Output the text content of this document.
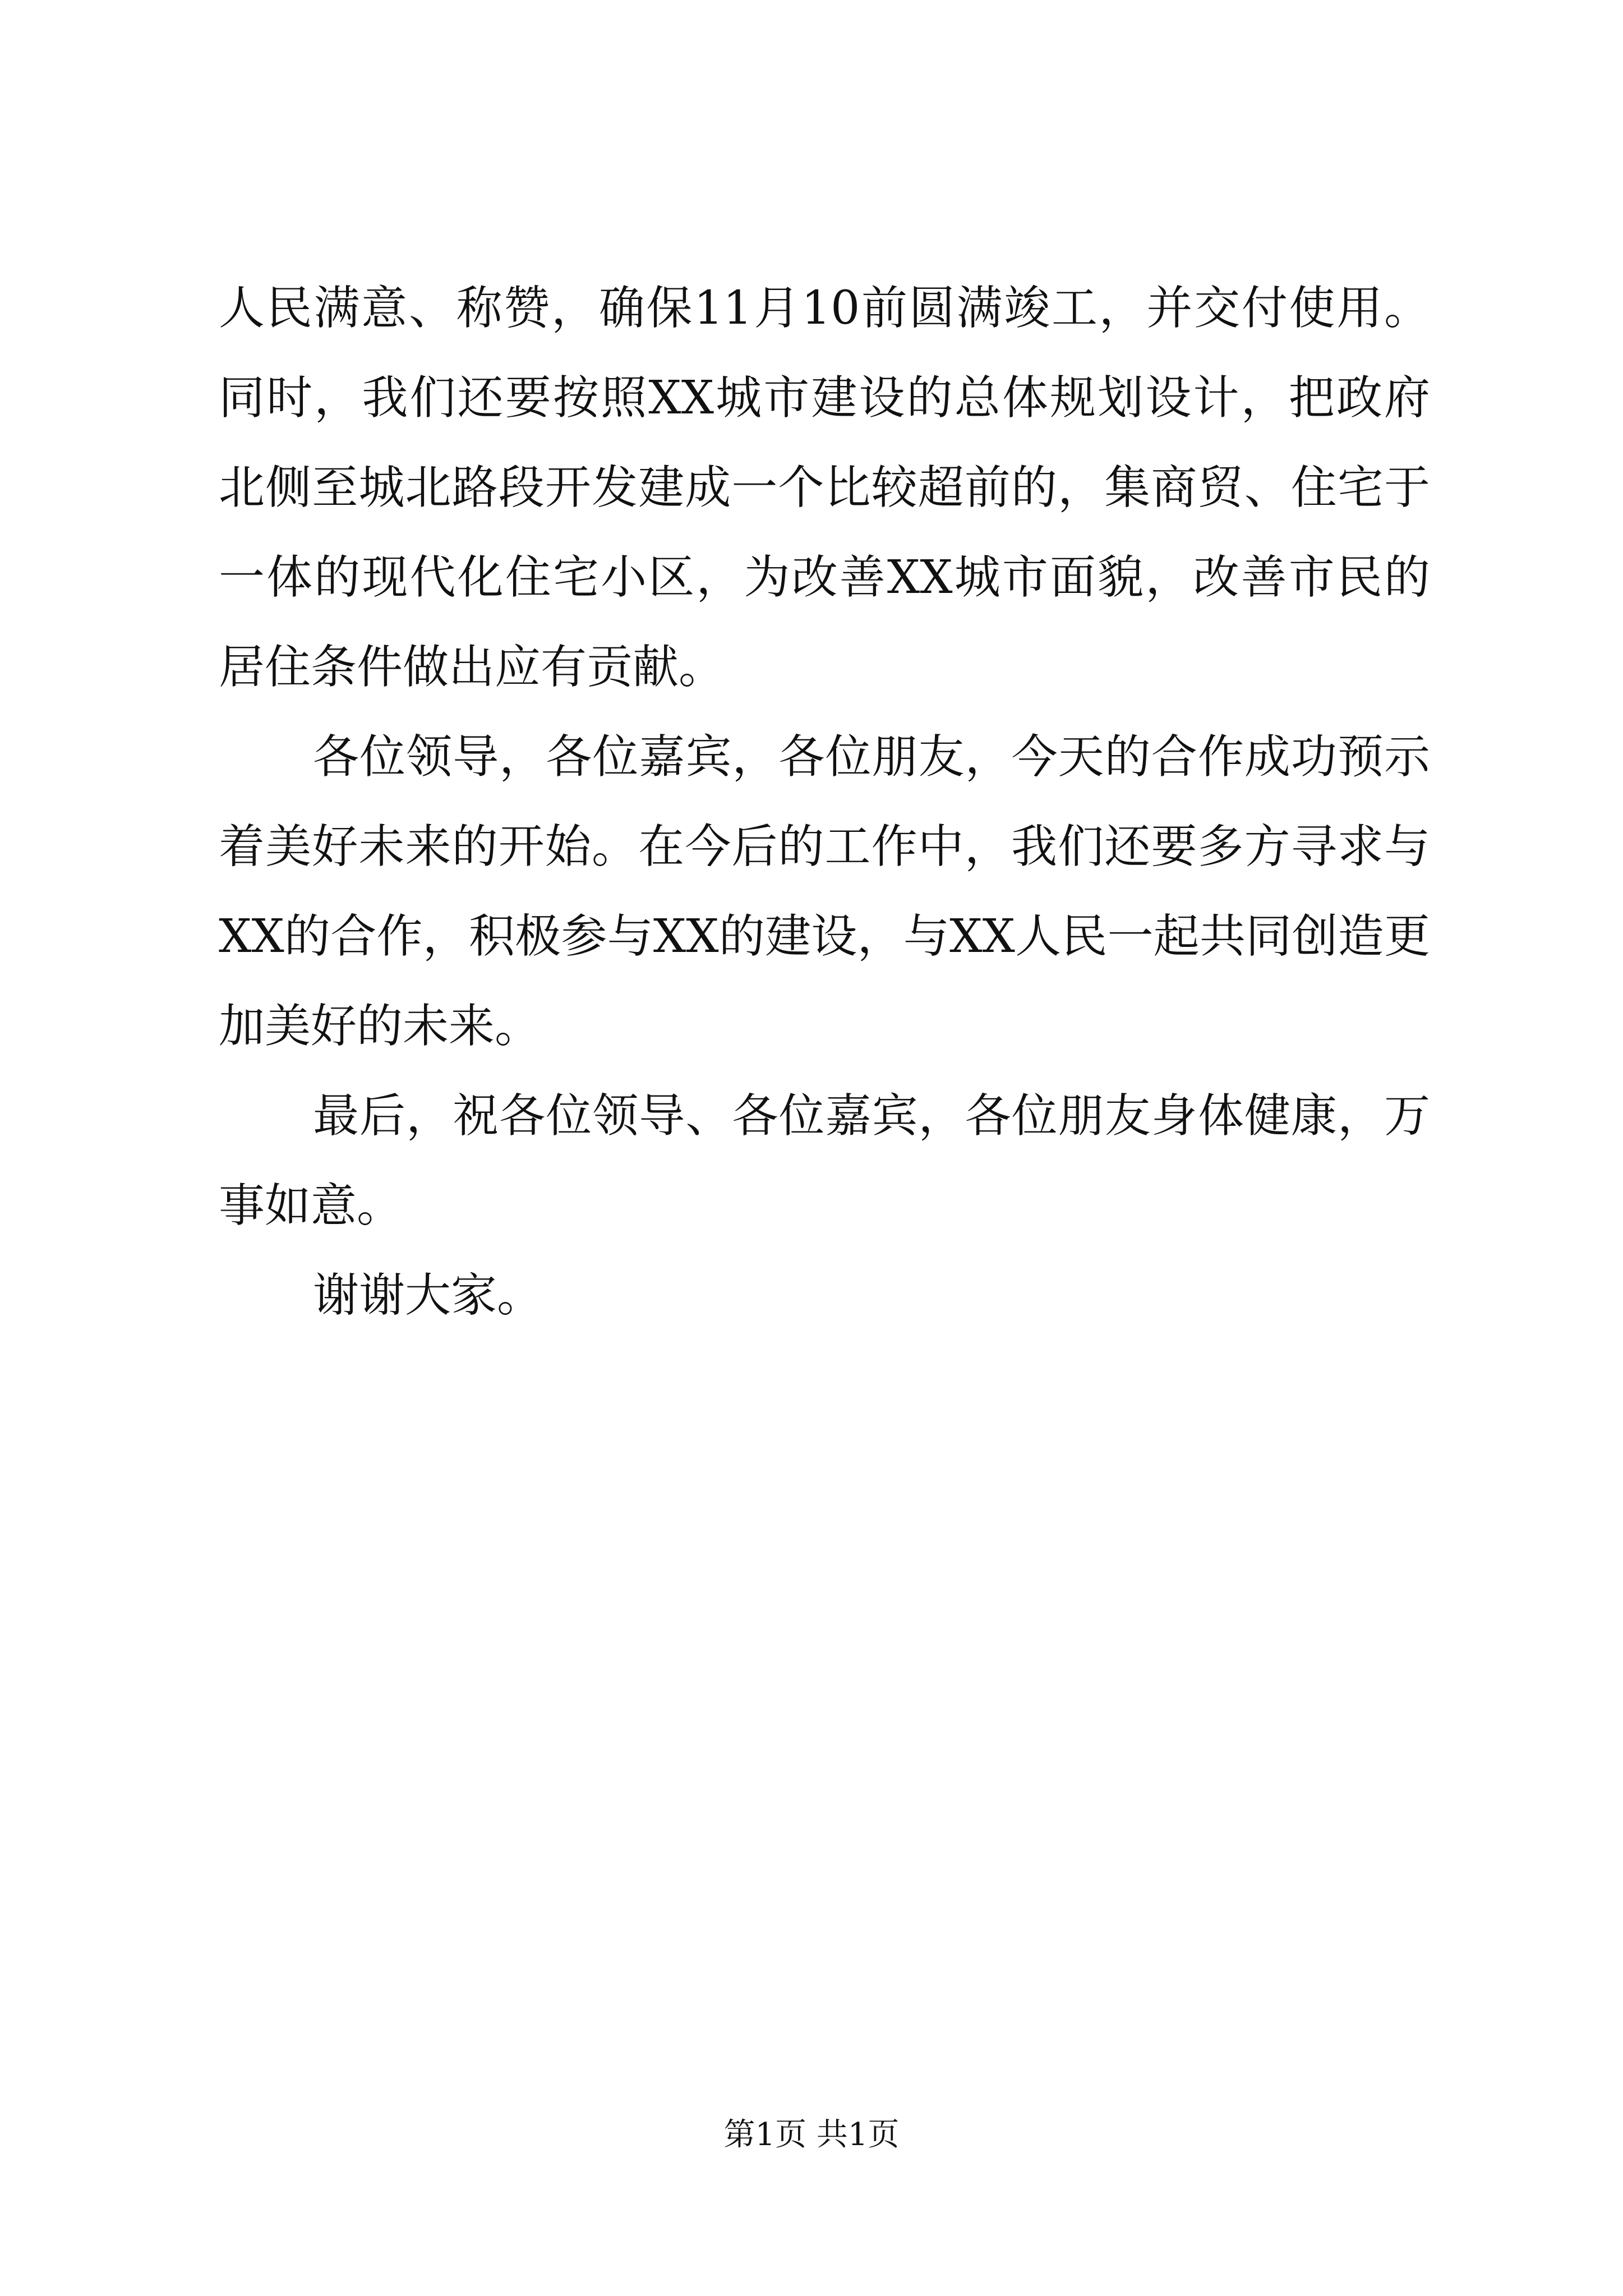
人民满意、称赞，确保11月10前圆满竣工，并交付使用。同时，我们还要按照XX城市建设的总体规划设计，把政府北侧至城北路段开发建成一个比较超前的，集商贸、住宅于一体的现代化住宅小区，为改善XX城市面貌，改善市民的居住条件做出应有贡献。

各位领导，各位嘉宾，各位朋友，今天的合作成功预示着美好未来的开始。在今后的工作中，我们还要多方寻求与XX的合作，积极参与XX的建设，与XX人民一起共同创造更加美好的未来。

最后，祝各位领导、各位嘉宾，各位朋友身体健康，万事如意。

谢谢大家。

第1页 共1页
